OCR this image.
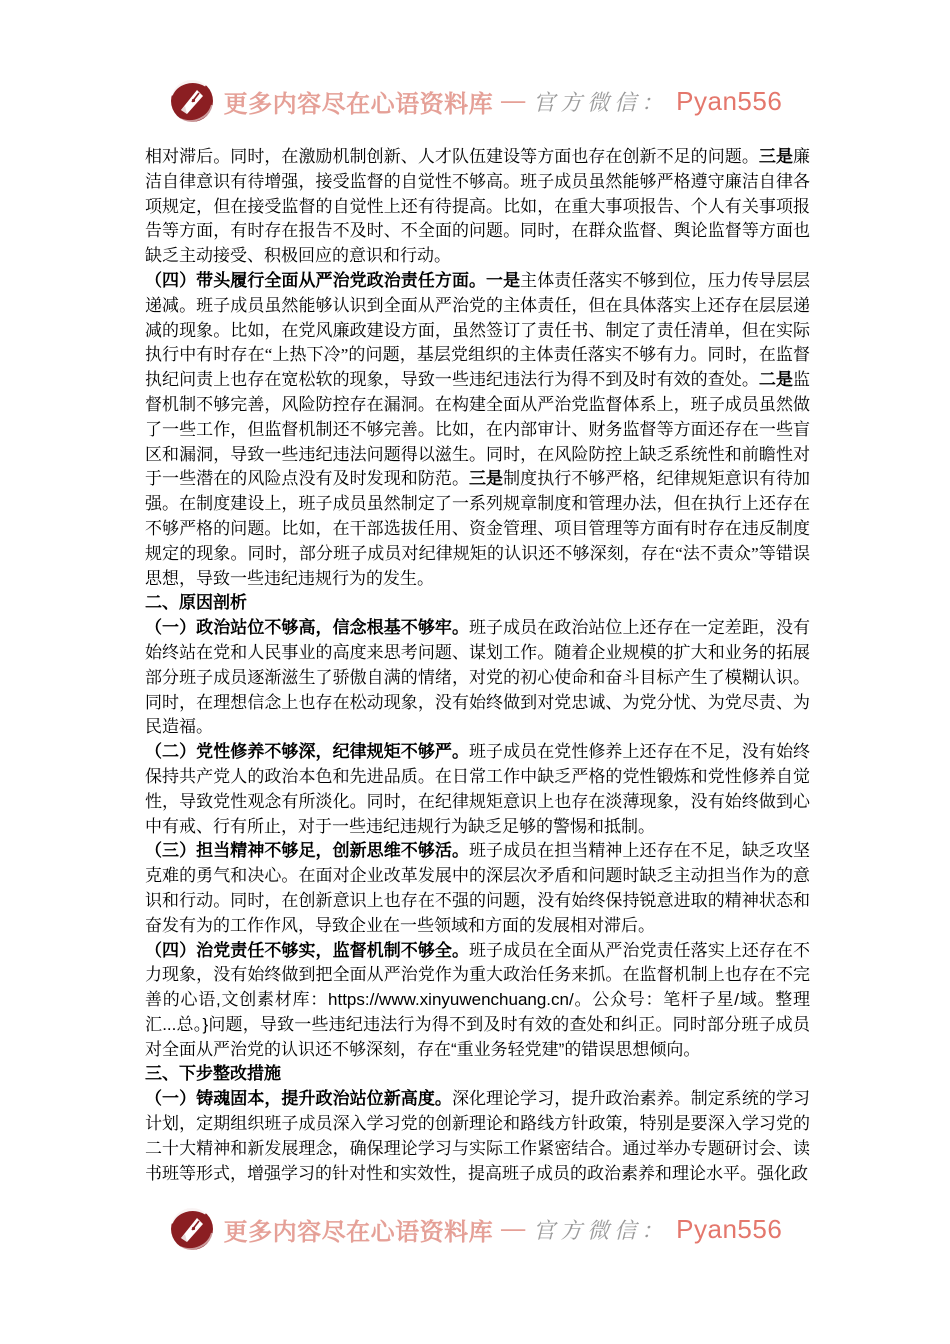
更多内容尽在心语资料库 — 官方微信： Pyan556

相对滞后。同时，在激励机制创新、人才队伍建设等方面也存在创新不足的问题。三是廉洁自律意识有待增强，接受监督的自觉性不够高。班子成员虽然能够严格遵守廉洁自律各项规定，但在接受监督的自觉性上还有待提高。比如，在重大事项报告、个人有关事项报告等方面，有时存在报告不及时、不全面的问题。同时，在群众监督、舆论监督等方面也缺乏主动接受、积极回应的意识和行动。

（四）带头履行全面从严治党政治责任方面。一是主体责任落实不够到位，压力传导层层递减。班子成员虽然能够认识到全面从严治党的主体责任，但在具体落实上还存在层层递减的现象。比如，在党风廉政建设方面，虽然签订了责任书、制定了责任清单，但在实际执行中有时存在“上热下冷”的问题，基层党组织的主体责任落实不够有力。同时，在监督执纪问责上也存在宽松软的现象，导致一些违纪违法行为得不到及时有效的查处。二是监督机制不够完善，风险防控存在漏洞。在构建全面从严治党监督体系上，班子成员虽然做了一些工作，但监督机制还不够完善。比如，在内部审计、财务监督等方面还存在一些盲区和漏洞，导致一些违纪违法问题得以滋生。同时，在风险防控上缺乏系统性和前瞻性对于一些潜在的风险点没有及时发现和防范。三是制度执行不够严格，纪律规矩意识有待加强。在制度建设上，班子成员虽然制定了一系列规章制度和管理办法，但在执行上还存在不够严格的问题。比如，在干部选拔任用、资金管理、项目管理等方面有时存在违反制度规定的现象。同时，部分班子成员对纪律规矩的认识还不够深刻，存在“法不责众”等错误思想，导致一些违纪违规行为的发生。

二、原因剖析

（一）政治站位不够高，信念根基不够牢。班子成员在政治站位上还存在一定差距，没有始终站在党和人民事业的高度来思考问题、谋划工作。随着企业规模的扩大和业务的拓展部分班子成员逐渐滋生了骄傲自满的情绪，对党的初心使命和奋斗目标产生了模糊认识。同时，在理想信念上也存在松动现象，没有始终做到对党忠诚、为党分忧、为党尽责、为民造福。

（二）党性修养不够深，纪律规矩不够严。班子成员在党性修养上还存在不足，没有始终保持共产党人的政治本色和先进品质。在日常工作中缺乏严格的党性锻炼和党性修养自觉性，导致党性观念有所淡化。同时，在纪律规矩意识上也存在淡薄现象，没有始终做到心中有戒、行有所止，对于一些违纪违规行为缺乏足够的警惕和抵制。

（三）担当精神不够足，创新思维不够活。班子成员在担当精神上还存在不足，缺乏攻坚克难的勇气和决心。在面对企业改革发展中的深层次矛盾和问题时缺乏主动担当作为的意识和行动。同时，在创新意识上也存在不强的问题，没有始终保持锐意进取的精神状态和奋发有为的工作作风，导致企业在一些领域和方面的发展相对滞后。

（四）治党责任不够实，监督机制不够全。班子成员在全面从严治党责任落实上还存在不力现象，没有始终做到把全面从严治党作为重大政治任务来抓。在监督机制上也存在不完善的心语,文创素材库：https://www.xinyuwenchuang.cn/。公众号：笔杆子星/域。整理汇...总。}问题，导致一些违纪违法行为得不到及时有效的查处和纠正。同时部分班子成员对全面从严治党的认识还不够深刻，存在“重业务轻党建”的错误思想倾向。

三、下步整改措施

（一）铸魂固本，提升政治站位新高度。深化理论学习，提升政治素养。制定系统的学习计划，定期组织班子成员深入学习党的创新理论和路线方针政策，特别是要深入学习党的二十大精神和新发展理念，确保理论学习与实际工作紧密结合。通过举办专题研讨会、读书班等形式，增强学习的针对性和实效性，提高班子成员的政治素养和理论水平。强化政

更多内容尽在心语资料库 — 官方微信： Pyan556
